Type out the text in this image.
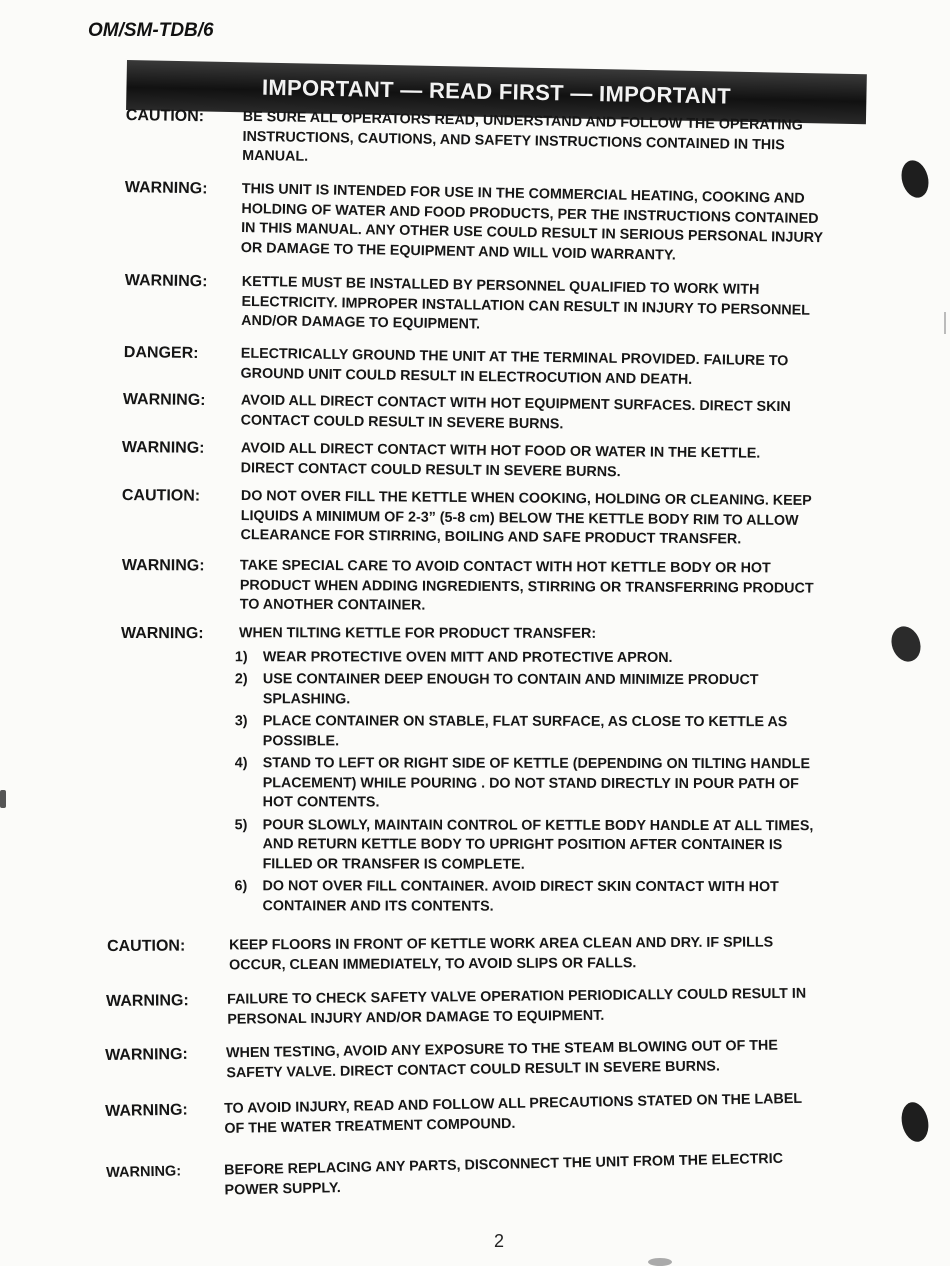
OM/SM-TDB/6
IMPORTANT — READ FIRST — IMPORTANT
CAUTION:	BE SURE ALL OPERATORS READ, UNDERSTAND AND FOLLOW THE OPERATING INSTRUCTIONS, CAUTIONS, AND SAFETY INSTRUCTIONS CONTAINED IN THIS MANUAL.
WARNING:	THIS UNIT IS INTENDED FOR USE IN THE COMMERCIAL HEATING, COOKING AND HOLDING OF WATER AND FOOD PRODUCTS, PER THE INSTRUCTIONS CONTAINED IN THIS MANUAL. ANY OTHER USE COULD RESULT IN SERIOUS PERSONAL INJURY OR DAMAGE TO THE EQUIPMENT AND WILL VOID WARRANTY.
WARNING:	KETTLE MUST BE INSTALLED BY PERSONNEL QUALIFIED TO WORK WITH ELECTRICITY. IMPROPER INSTALLATION CAN RESULT IN INJURY TO PERSONNEL AND/OR DAMAGE TO EQUIPMENT.
DANGER:	ELECTRICALLY GROUND THE UNIT AT THE TERMINAL PROVIDED. FAILURE TO GROUND UNIT COULD RESULT IN ELECTROCUTION AND DEATH.
WARNING:	AVOID ALL DIRECT CONTACT WITH HOT EQUIPMENT SURFACES. DIRECT SKIN CONTACT COULD RESULT IN SEVERE BURNS.
WARNING:	AVOID ALL DIRECT CONTACT WITH HOT FOOD OR WATER IN THE KETTLE. DIRECT CONTACT COULD RESULT IN SEVERE BURNS.
CAUTION:	DO NOT OVER FILL THE KETTLE WHEN COOKING, HOLDING OR CLEANING. KEEP LIQUIDS A MINIMUM OF 2-3” (5-8 cm) BELOW THE KETTLE BODY RIM TO ALLOW CLEARANCE FOR STIRRING, BOILING AND SAFE PRODUCT TRANSFER.
WARNING:	TAKE SPECIAL CARE TO AVOID CONTACT WITH HOT KETTLE BODY OR HOT PRODUCT WHEN ADDING INGREDIENTS, STIRRING OR TRANSFERRING PRODUCT TO ANOTHER CONTAINER.
WARNING:	WHEN TILTING KETTLE FOR PRODUCT TRANSFER:
1)	WEAR PROTECTIVE OVEN MITT AND PROTECTIVE APRON.
2)	USE CONTAINER DEEP ENOUGH TO CONTAIN AND MINIMIZE PRODUCT SPLASHING.
3)	PLACE CONTAINER ON STABLE, FLAT SURFACE, AS CLOSE TO KETTLE AS POSSIBLE.
4)	STAND TO LEFT OR RIGHT SIDE OF KETTLE (DEPENDING ON TILTING HANDLE PLACEMENT) WHILE POURING . DO NOT STAND DIRECTLY IN POUR PATH OF HOT CONTENTS.
5)	POUR SLOWLY, MAINTAIN CONTROL OF KETTLE BODY HANDLE AT ALL TIMES, AND RETURN KETTLE BODY TO UPRIGHT POSITION AFTER CONTAINER IS FILLED OR TRANSFER IS COMPLETE.
6)	DO NOT OVER FILL CONTAINER. AVOID DIRECT SKIN CONTACT WITH HOT CONTAINER AND ITS CONTENTS.
CAUTION:	KEEP FLOORS IN FRONT OF KETTLE WORK AREA CLEAN AND DRY. IF SPILLS OCCUR, CLEAN IMMEDIATELY, TO AVOID SLIPS OR FALLS.
WARNING:	FAILURE TO CHECK SAFETY VALVE OPERATION PERIODICALLY COULD RESULT IN PERSONAL INJURY AND/OR DAMAGE TO EQUIPMENT.
WARNING:	WHEN TESTING, AVOID ANY EXPOSURE TO THE STEAM BLOWING OUT OF THE SAFETY VALVE. DIRECT CONTACT COULD RESULT IN SEVERE BURNS.
WARNING:	TO AVOID INJURY, READ AND FOLLOW ALL PRECAUTIONS STATED ON THE LABEL OF THE WATER TREATMENT COMPOUND.
WARNING:	BEFORE REPLACING ANY PARTS, DISCONNECT THE UNIT FROM THE ELECTRIC POWER SUPPLY.
2
